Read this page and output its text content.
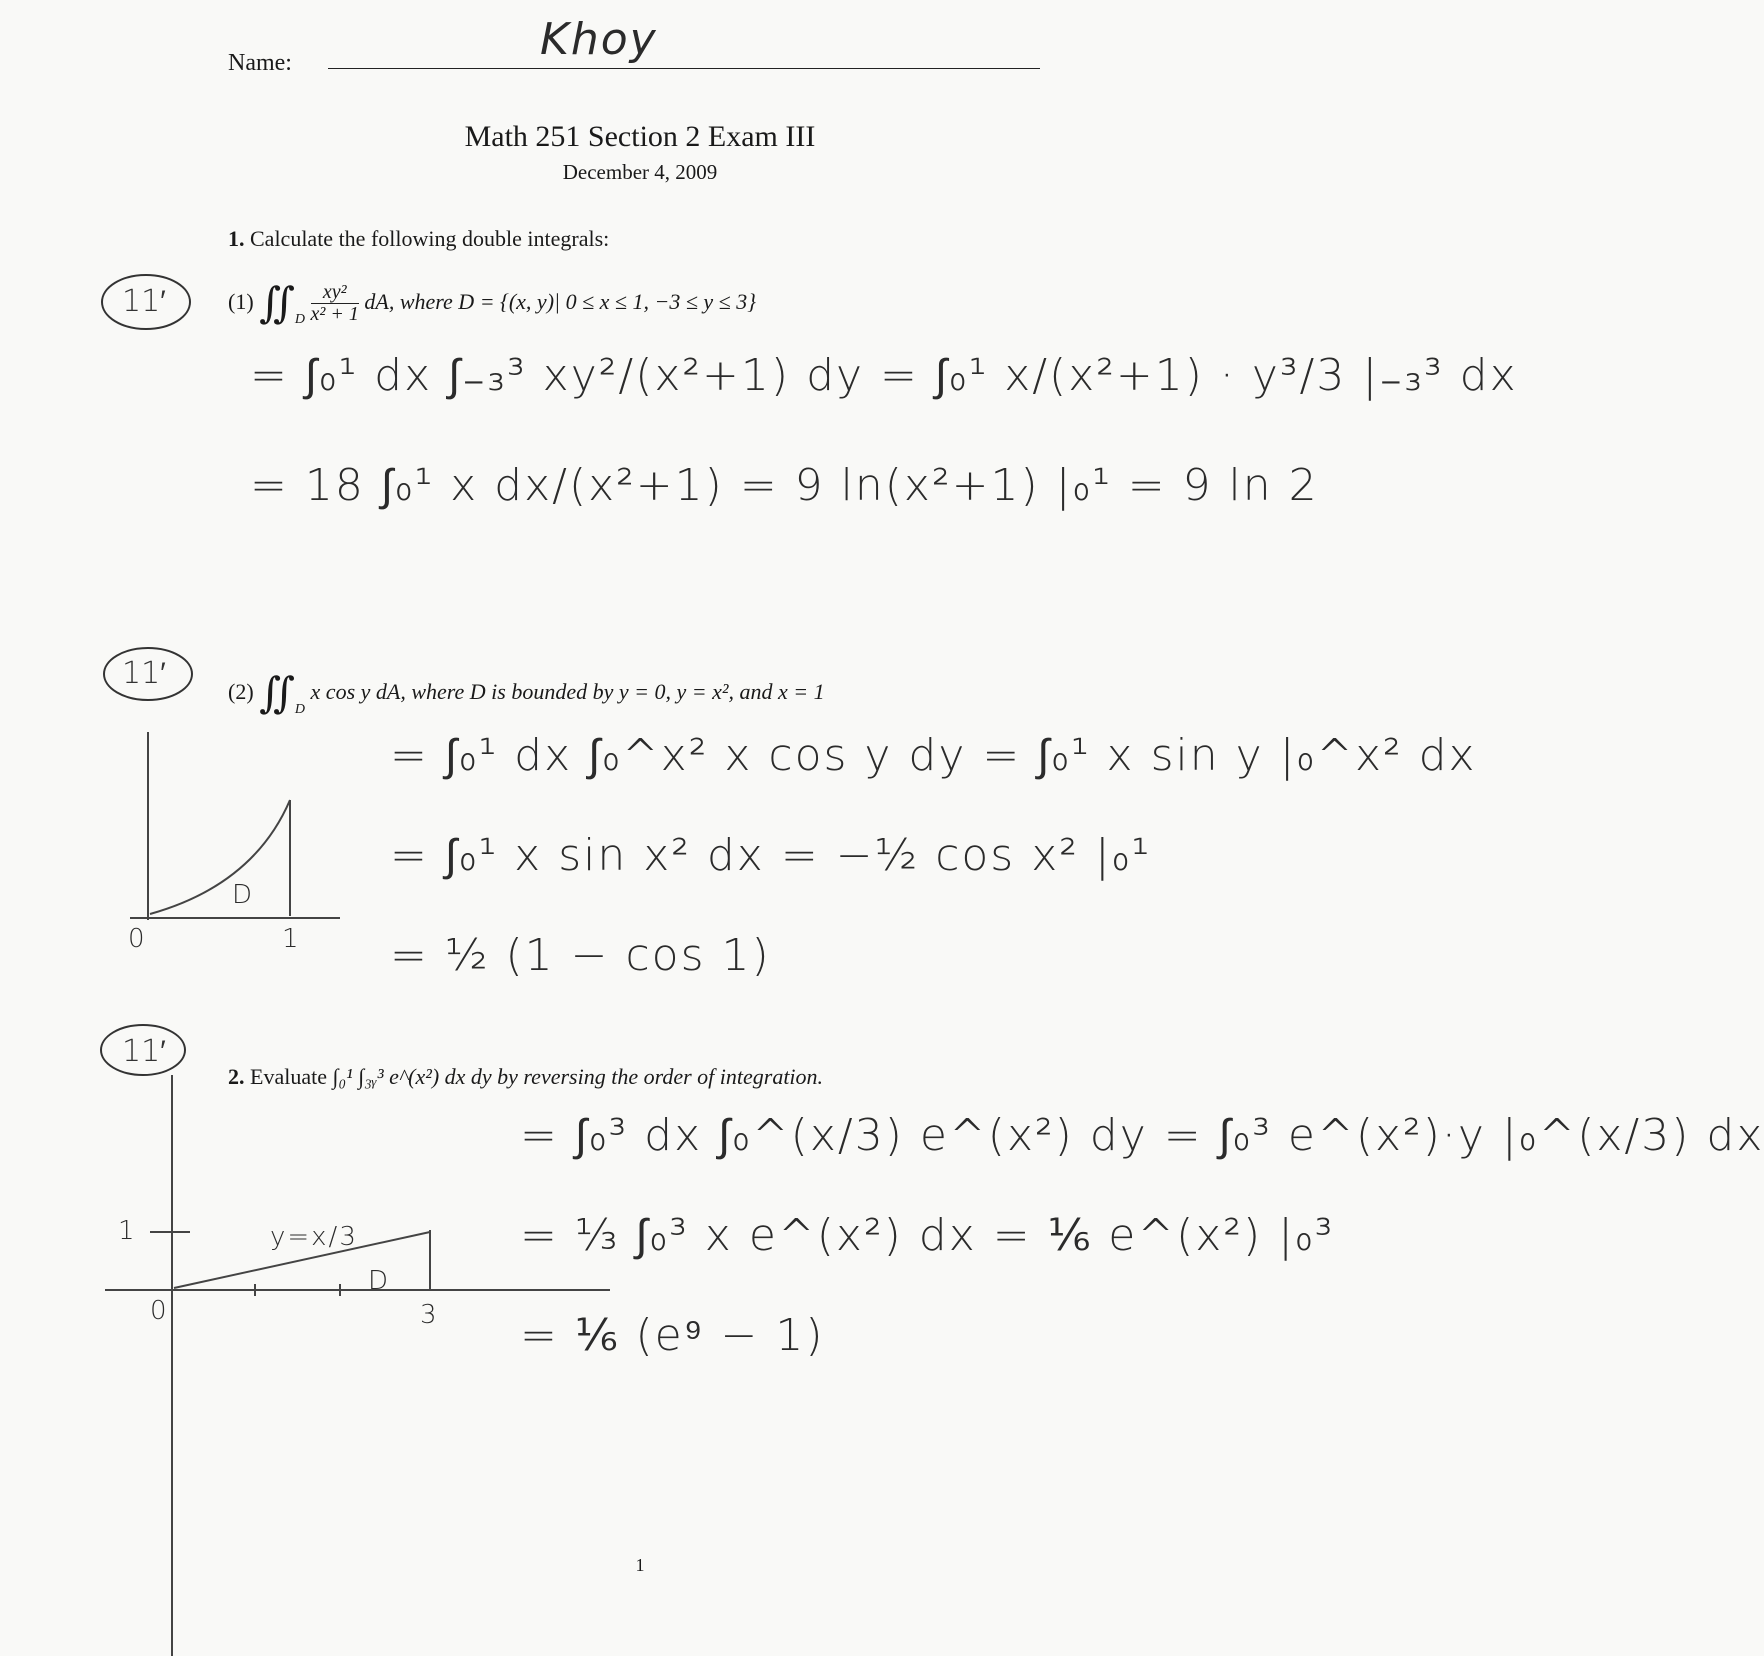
Name:	Khoy
Math 251 Section 2 Exam III
December 4, 2009
1. Calculate the following double integrals:
11′	(1) $∬_D \frac{\text{xy²}}{\text{x² + 1}}$ dA, where D = {(x, y)| 0 ≤ x ≤ 1, −3 ≤ y ≤ 3}
= ∫₀¹ dx ∫₋₃³ xy²/(x²+1) dy = ∫₀¹ x/(x²+1) · y³/3 |₋₃³ dx
= 18 ∫₀¹ x dx/(x²+1) = 9 ln(x²+1) |₀¹ = 9 ln 2
11′
(2) $∬_D$ x cos y dA, where D is bounded by y = 0, y = x², and x = 1
= ∫₀¹ dx ∫₀^x² x cos y dy = ∫₀¹ x sin y |₀^x² dx
= ∫₀¹ x sin x² dx = −½ cos x² |₀¹
= ½ (1 − cos 1)
11′
2. Evaluate ∫₀¹ ∫₃ᵧ³ e^(x²) dx dy by reversing the order of integration.
= ∫₀³ dx ∫₀^(x/3) e^(x²) dy = ∫₀³ e^(x²)·y |₀^(x/3) dx
= ⅓ ∫₀³ x e^(x²) dx = ⅙ e^(x²) |₀³
= ⅙ (e⁹ − 1)
1
D
0	1
y=x/3
D
0
1
3
